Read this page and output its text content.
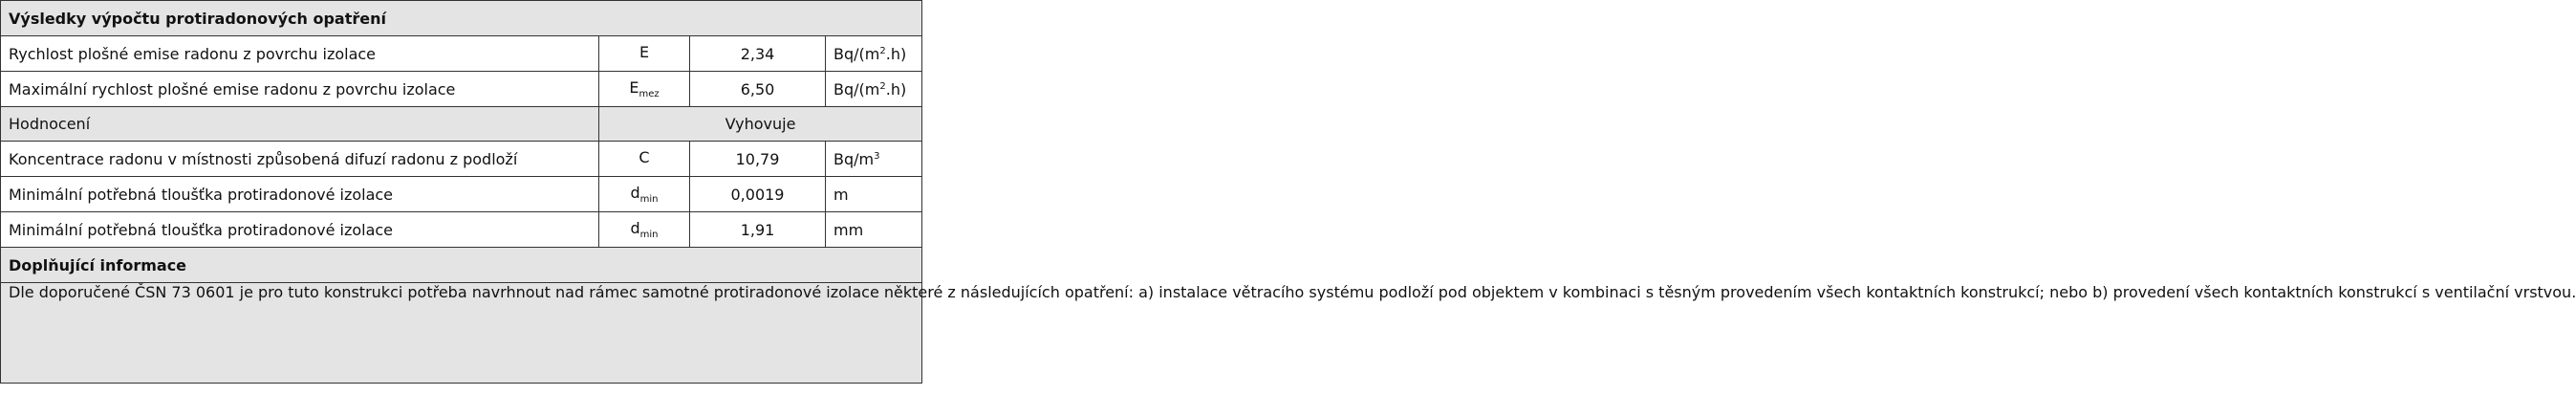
Výsledky výpočtu protiradonových opatření			
Rychlost plošné emise radonu z povrchu izolace	E	2,34	$Bq/(m^2.h)$
Maximální rychlost plošné emise radonu z povrchu izolace	$E_{mez}$	6,50	$Bq/(m^2.h)$
Hodnocení	Vyhovuje		
Koncentrace radonu v místnosti způsobená difuzí radonu z podloží	C	10,79	$Bq/m^3$
Minimální potřebná tloušťka protiradonové izolace	$d_{min}$	0,0019	m
Minimální potřebná tloušťka protiradonové izolace	$d_{min}$	1,91	mm
Doplňující informace			
Dle doporučené ČSN 73 0601 je pro tuto konstrukci potřeba navrhnout nad rámec samotné protiradonové izolace některé z následujících opatření: a) instalace větracího systému podloží pod objektem v kombinaci s těsným provedením všech kontaktních konstrukcí; nebo b) provedení všech kontaktních konstrukcí s ventilační vrstvou.			
